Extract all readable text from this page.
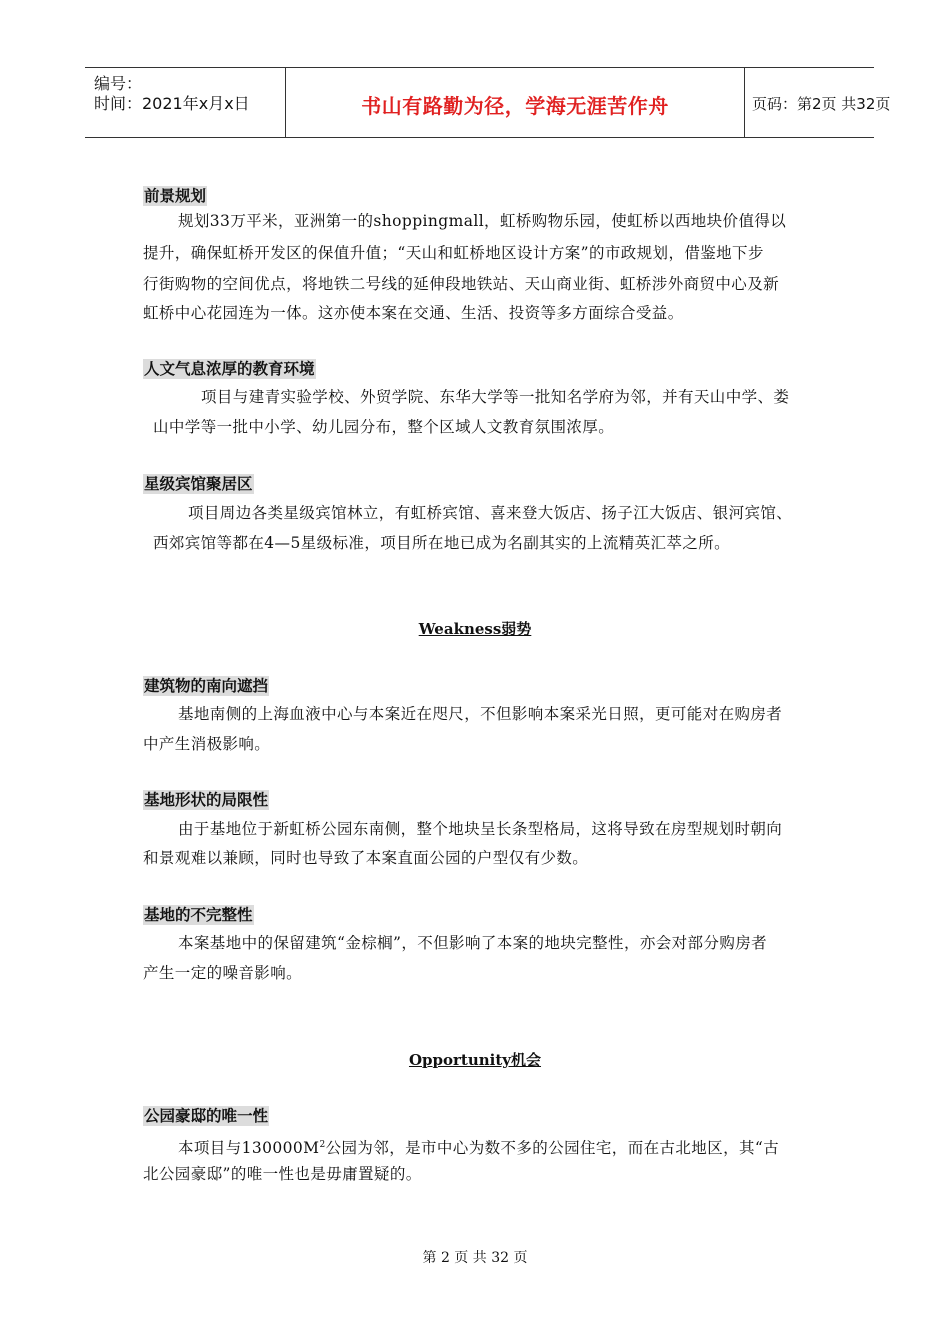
编号：
时间：2021年x月x日	书山有路勤为径，学海无涯苦作舟	页码：第2页 共32页
前景规划
规划33万平米，亚洲第一的shoppingmall，虹桥购物乐园，使虹桥以西地块价值得以
提升，确保虹桥开发区的保值升值；“天山和虹桥地区设计方案”的市政规划，借鉴地下步
行街购物的空间优点，将地铁二号线的延伸段地铁站、天山商业街、虹桥涉外商贸中心及新
虹桥中心花园连为一体。这亦使本案在交通、生活、投资等多方面综合受益。
人文气息浓厚的教育环境
项目与建青实验学校、外贸学院、东华大学等一批知名学府为邻，并有天山中学、娄
山中学等一批中小学、幼儿园分布，整个区域人文教育氛围浓厚。
星级宾馆聚居区
项目周边各类星级宾馆林立，有虹桥宾馆、喜来登大饭店、扬子江大饭店、银河宾馆、
西郊宾馆等都在4—5星级标准，项目所在地已成为名副其实的上流精英汇萃之所。
Weakness弱势
建筑物的南向遮挡
基地南侧的上海血液中心与本案近在咫尺，不但影响本案采光日照，更可能对在购房者
中产生消极影响。
基地形状的局限性
由于基地位于新虹桥公园东南侧，整个地块呈长条型格局，这将导致在房型规划时朝向
和景观难以兼顾，同时也导致了本案直面公园的户型仅有少数。
基地的不完整性
本案基地中的保留建筑“金棕榈”，不但影响了本案的地块完整性，亦会对部分购房者
产生一定的噪音影响。
Opportunity机会
公园豪邸的唯一性
本项目与$130000M^2$公园为邻，是市中心为数不多的公园住宅，而在古北地区，其“古
北公园豪邸”的唯一性也是毋庸置疑的。
第 2 页 共 32 页
